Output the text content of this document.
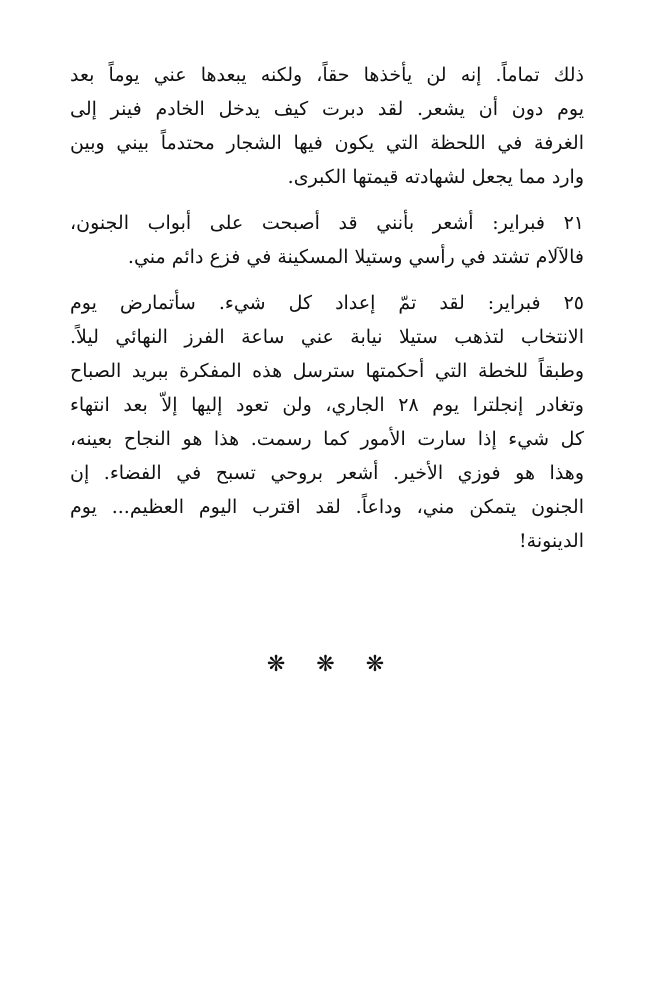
ذلك تماماً. إنه لن يأخذها حقاً، ولكنه يبعدها عني يوماً بعد
يوم دون أن يشعر. لقد دبرت كيف يدخل الخادم فينر إلى
الغرفة في اللحظة التي يكون فيها الشجار محتدماً بيني وبين
وارد مما يجعل لشهادته قيمتها الكبرى.

٢١ فبراير: أشعر بأنني قد أصبحت على أبواب الجنون،
فالآلام تشتد في رأسي وستيلا المسكينة في فزع دائم مني.

٢٥ فبراير: لقد تمّ إعداد كل شيء. سأتمارض يوم
الانتخاب لتذهب ستيلا نيابة عني ساعة الفرز النهائي ليلاً.
وطبقاً للخطة التي أحكمتها سترسل هذه المفكرة ببريد الصباح
وتغادر إنجلترا يوم ٢٨ الجاري، ولن تعود إليها إلاّ بعد انتهاء
كل شيء إذا سارت الأمور كما رسمت. هذا هو النجاح بعينه،
وهذا هو فوزي الأخير. أشعر بروحي تسبح في الفضاء. إن
الجنون يتمكن مني، وداعاً. لقد اقترب اليوم العظيم... يوم
الدينونة!

❋ ❋ ❋
